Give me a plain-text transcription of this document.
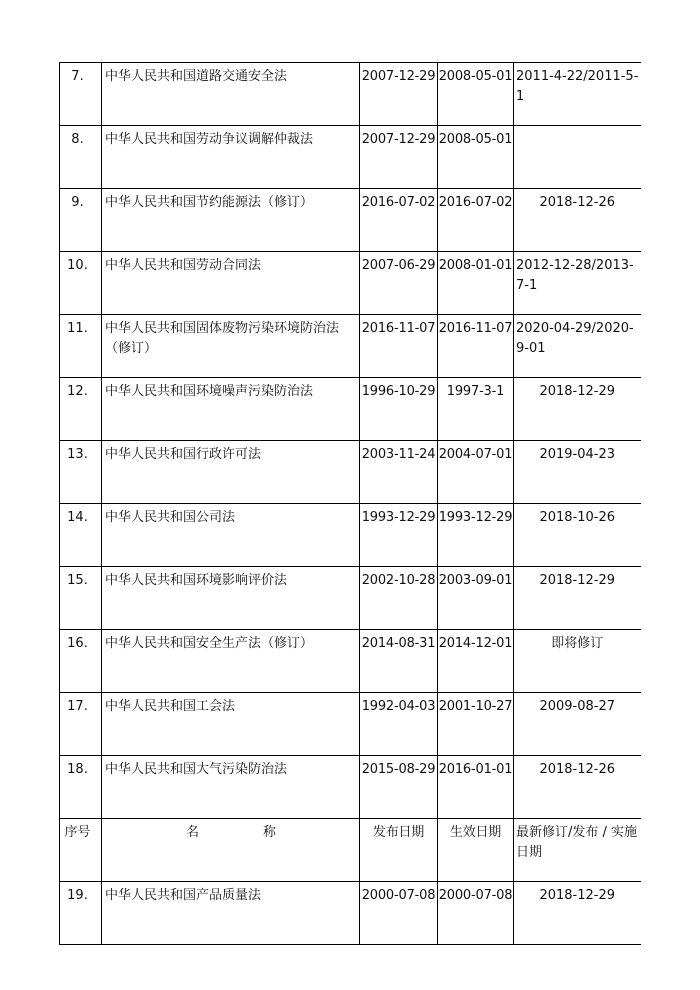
7.	中华人民共和国道路交通安全法	2007-12-29	2008-05-01	2011-4-22/2011-5-1
8.	中华人民共和国劳动争议调解仲裁法	2007-12-29	2008-05-01	
9.	中华人民共和国节约能源法（修订）	2016-07-02	2016-07-02	2018-12-26
10.	中华人民共和国劳动合同法	2007-06-29	2008-01-01	2012-12-28/2013-7-1
11.	中华人民共和国固体废物污染环境防治法（修订）	2016-11-07	2016-11-07	2020-04-29/2020-9-01
12.	中华人民共和国环境噪声污染防治法	1996-10-29	1997-3-1	2018-12-29
13.	中华人民共和国行政许可法	2003-11-24	2004-07-01	2019-04-23
14.	中华人民共和国公司法	1993-12-29	1993-12-29	2018-10-26
15.	中华人民共和国环境影响评价法	2002-10-28	2003-09-01	2018-12-29
16.	中华人民共和国安全生产法（修订）	2014-08-31	2014-12-01	即将修订
17.	中华人民共和国工会法	1992-04-03	2001-10-27	2009-08-27
18.	中华人民共和国大气污染防治法	2015-08-29	2016-01-01	2018-12-26
序号	名 称	发布日期	生效日期	最新修订/发布 / 实施日期
19.	中华人民共和国产品质量法	2000-07-08	2000-07-08	2018-12-29
